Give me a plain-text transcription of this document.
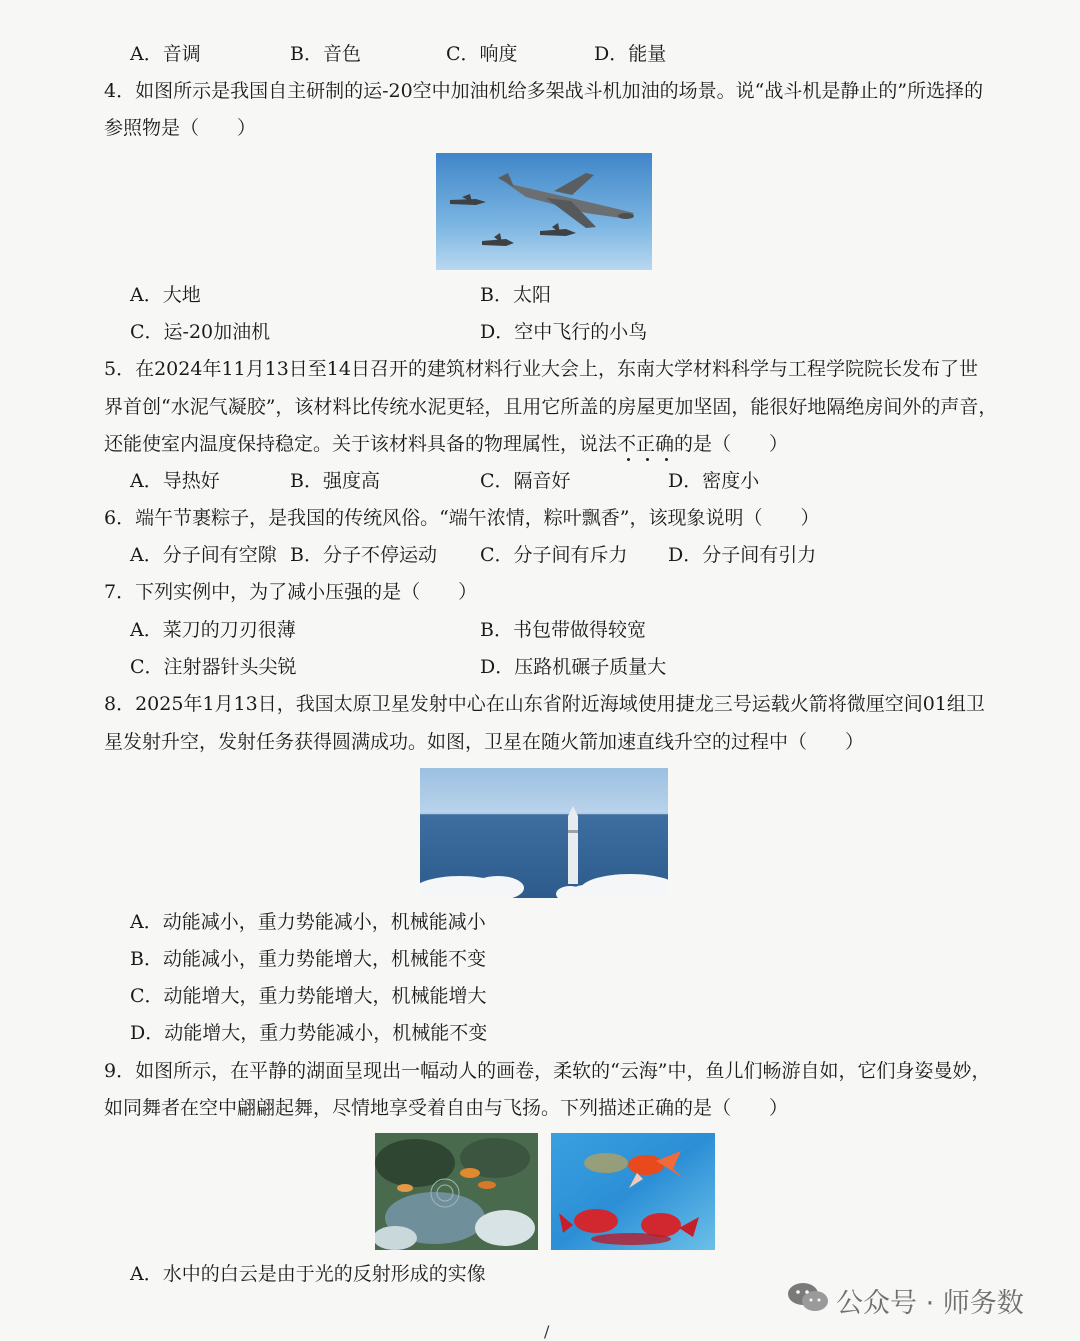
A．音调	B．音色	C．响度	D．能量
4．如图所示是我国自主研制的运-20空中加油机给多架战斗机加油的场景。说“战斗机是静止的”所选择的
参照物是（　　）
A．大地	B．太阳
C．运-20加油机	D．空中飞行的小鸟
5．在2024年11月13日至14日召开的建筑材料行业大会上，东南大学材料科学与工程学院院长发布了世
界首创“水泥气凝胶”，该材料比传统水泥更轻，且用它所盖的房屋更加坚固，能很好地隔绝房间外的声音，
还能使室内温度保持稳定。关于该材料具备的物理属性，说法不正确的是（　　）
A．导热好	B．强度高	C．隔音好	D．密度小
6．端午节裹粽子，是我国的传统风俗。“端午浓情，粽叶飘香”，该现象说明（　　）
A．分子间有空隙 B．分子不停运动 C．分子间有斥力 D．分子间有引力
7．下列实例中，为了减小压强的是（　　）
A．菜刀的刀刃很薄	B．书包带做得较宽
C．注射器针头尖锐	D．压路机碾子质量大
8．2025年1月13日，我国太原卫星发射中心在山东省附近海域使用捷龙三号运载火箭将微厘空间01组卫
星发射升空，发射任务获得圆满成功。如图，卫星在随火箭加速直线升空的过程中（　　）
A．动能减小，重力势能减小，机械能减小
B．动能减小，重力势能增大，机械能不变
C．动能增大，重力势能增大，机械能增大
D．动能增大，重力势能减小，机械能不变
9．如图所示，在平静的湖面呈现出一幅动人的画卷，柔软的“云海”中，鱼儿们畅游自如，它们身姿曼妙，
如同舞者在空中翩翩起舞，尽情地享受着自由与飞扬。下列描述正确的是（　　）
A．水中的白云是由于光的反射形成的实像
公众号 · 师务数
/
